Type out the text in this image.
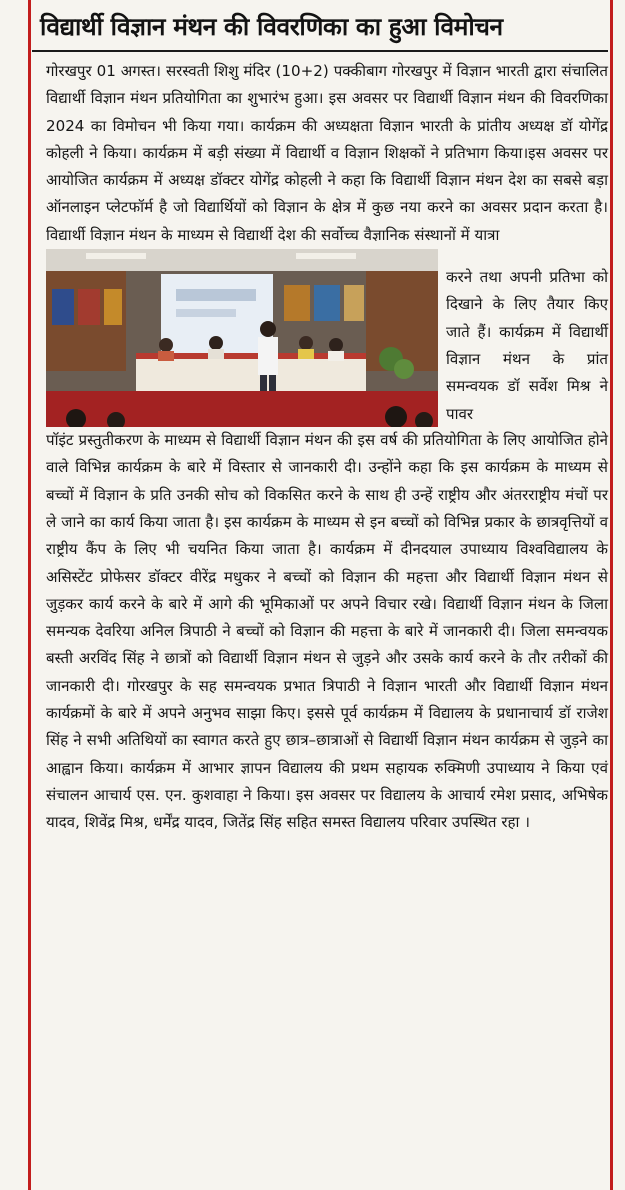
विद्यार्थी विज्ञान मंथन की विवरणिका का हुआ विमोचन

गोरखपुर 01 अगस्त। सरस्वती शिशु मंदिर (10+2) पक्कीबाग गोरखपुर में विज्ञान भारती द्वारा संचालित विद्यार्थी विज्ञान मंथन प्रतियोगिता का शुभारंभ हुआ। इस अवसर पर विद्यार्थी विज्ञान मंथन की विवरणिका 2024 का विमोचन भी किया गया। कार्यक्रम की अध्यक्षता विज्ञान भारती के प्रांतीय अध्यक्ष डॉ योगेंद्र कोहली ने किया। कार्यक्रम में बड़ी संख्या में विद्यार्थी व विज्ञान शिक्षकों ने प्रतिभाग किया।इस अवसर पर आयोजित कार्यक्रम में अध्यक्ष डॉक्टर योगेंद्र कोहली ने कहा कि विद्यार्थी विज्ञान मंथन देश का सबसे बड़ा ऑनलाइन प्लेटफॉर्म है जो विद्यार्थियों को विज्ञान के क्षेत्र में कुछ नया करने का अवसर प्रदान करता है। विद्यार्थी विज्ञान मंथन के माध्यम से विद्यार्थी देश की सर्वोच्च वैज्ञानिक संस्थानों में यात्रा

करने तथा अपनी प्रतिभा को दिखाने के लिए तैयार किए जाते हैं। कार्यक्रम में विद्यार्थी विज्ञान मंथन के प्रांत समन्वयक डॉ सर्वेश मिश्र ने पावर

पॉइंट प्रस्तुतीकरण के माध्यम से विद्यार्थी विज्ञान मंथन की इस वर्ष की प्रतियोगिता के लिए आयोजित होने वाले विभिन्न कार्यक्रम के बारे में विस्तार से जानकारी दी। उन्होंने कहा कि इस कार्यक्रम के माध्यम से बच्चों में विज्ञान के प्रति उनकी सोच को विकसित करने के साथ ही उन्हें राष्ट्रीय और अंतरराष्ट्रीय मंचों पर ले जाने का कार्य किया जाता है। इस कार्यक्रम के माध्यम से इन बच्चों को विभिन्न प्रकार के छात्रवृत्तियों व राष्ट्रीय कैंप के लिए भी चयनित किया जाता है। कार्यक्रम में दीनदयाल उपाध्याय विश्वविद्यालय के असिस्टेंट प्रोफेसर डॉक्टर वीरेंद्र मधुकर ने बच्चों को विज्ञान की महत्ता और विद्यार्थी विज्ञान मंथन से जुड़कर कार्य करने के बारे में आगे की भूमिकाओं पर अपने विचार रखे। विद्यार्थी विज्ञान मंथन के जिला समन्यक देवरिया अनिल त्रिपाठी ने बच्चों को विज्ञान की महत्ता के बारे में जानकारी दी। जिला समन्वयक बस्ती अरविंद सिंह ने छात्रों को विद्यार्थी विज्ञान मंथन से जुड़ने और उसके कार्य करने के तौर तरीकों की जानकारी दी। गोरखपुर के सह समन्वयक प्रभात त्रिपाठी ने विज्ञान भारती और विद्यार्थी विज्ञान मंथन कार्यक्रमों के बारे में अपने अनुभव साझा किए। इससे पूर्व कार्यक्रम में विद्यालय के प्रधानाचार्य डॉ राजेश सिंह ने सभी अतिथियों का स्वागत करते हुए छात्र–छात्राओं से विद्यार्थी विज्ञान मंथन कार्यक्रम से जुड़ने का आह्वान किया। कार्यक्रम में आभार ज्ञापन विद्यालय की प्रथम सहायक रुक्मिणी उपाध्याय ने किया एवं संचालन आचार्य एस. एन. कुशवाहा ने किया। इस अवसर पर विद्यालय के आचार्य रमेश प्रसाद, अभिषेक यादव, शिवेंद्र मिश्र, धर्मेंद्र यादव, जितेंद्र सिंह सहित समस्त विद्यालय परिवार उपस्थित रहा ।
